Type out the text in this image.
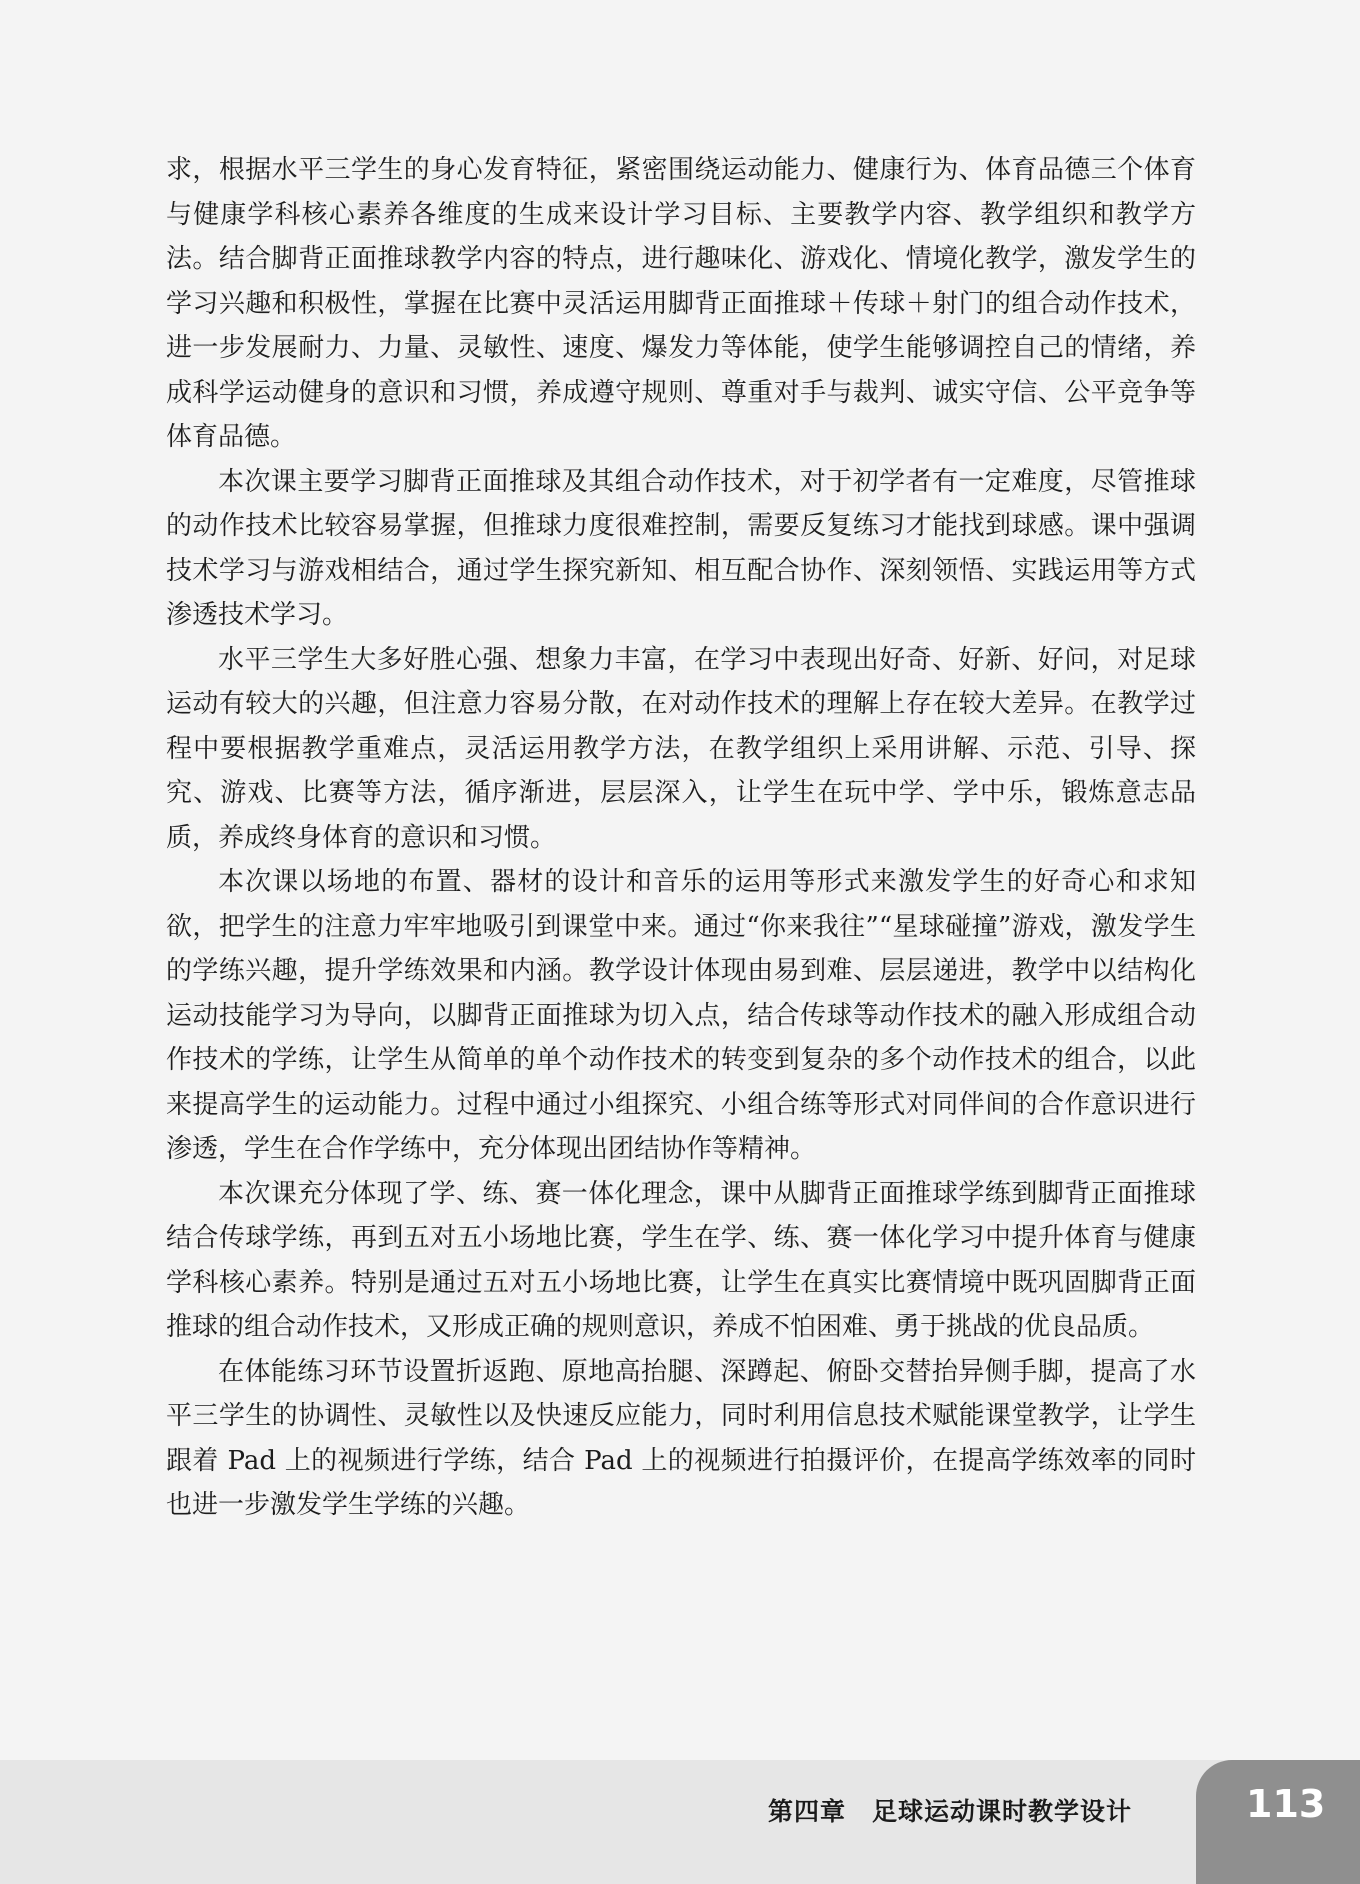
求，根据水平三学生的身心发育特征，紧密围绕运动能力、健康行为、体育品德三个体育与健康学科核心素养各维度的生成来设计学习目标、主要教学内容、教学组织和教学方法。结合脚背正面推球教学内容的特点，进行趣味化、游戏化、情境化教学，激发学生的学习兴趣和积极性，掌握在比赛中灵活运用脚背正面推球＋传球＋射门的组合动作技术，进一步发展耐力、力量、灵敏性、速度、爆发力等体能，使学生能够调控自己的情绪，养成科学运动健身的意识和习惯，养成遵守规则、尊重对手与裁判、诚实守信、公平竞争等体育品德。

本次课主要学习脚背正面推球及其组合动作技术，对于初学者有一定难度，尽管推球的动作技术比较容易掌握，但推球力度很难控制，需要反复练习才能找到球感。课中强调技术学习与游戏相结合，通过学生探究新知、相互配合协作、深刻领悟、实践运用等方式渗透技术学习。

水平三学生大多好胜心强、想象力丰富，在学习中表现出好奇、好新、好问，对足球运动有较大的兴趣，但注意力容易分散，在对动作技术的理解上存在较大差异。在教学过程中要根据教学重难点，灵活运用教学方法，在教学组织上采用讲解、示范、引导、探究、游戏、比赛等方法，循序渐进，层层深入，让学生在玩中学、学中乐，锻炼意志品质，养成终身体育的意识和习惯。

本次课以场地的布置、器材的设计和音乐的运用等形式来激发学生的好奇心和求知欲，把学生的注意力牢牢地吸引到课堂中来。通过“你来我往”“星球碰撞”游戏，激发学生的学练兴趣，提升学练效果和内涵。教学设计体现由易到难、层层递进，教学中以结构化运动技能学习为导向，以脚背正面推球为切入点，结合传球等动作技术的融入形成组合动作技术的学练，让学生从简单的单个动作技术的转变到复杂的多个动作技术的组合，以此来提高学生的运动能力。过程中通过小组探究、小组合练等形式对同伴间的合作意识进行渗透，学生在合作学练中，充分体现出团结协作等精神。

本次课充分体现了学、练、赛一体化理念，课中从脚背正面推球学练到脚背正面推球结合传球学练，再到五对五小场地比赛，学生在学、练、赛一体化学习中提升体育与健康学科核心素养。特别是通过五对五小场地比赛，让学生在真实比赛情境中既巩固脚背正面推球的组合动作技术，又形成正确的规则意识，养成不怕困难、勇于挑战的优良品质。

在体能练习环节设置折返跑、原地高抬腿、深蹲起、俯卧交替抬异侧手脚，提高了水平三学生的协调性、灵敏性以及快速反应能力，同时利用信息技术赋能课堂教学，让学生跟着 Pad 上的视频进行学练，结合 Pad 上的视频进行拍摄评价，在提高学练效率的同时也进一步激发学生学练的兴趣。

第四章　足球运动课时教学设计	113
